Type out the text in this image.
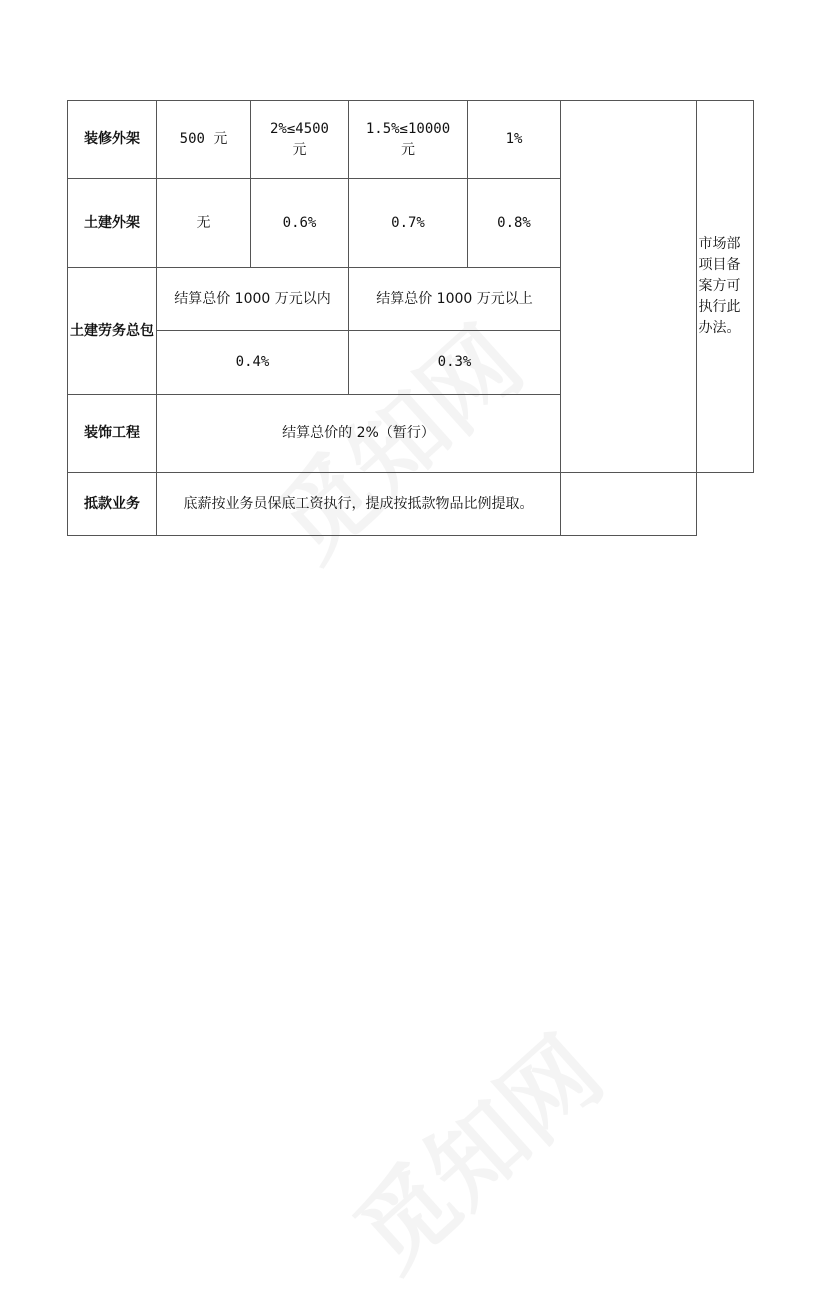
装修外架	500 元	2%≤4500 元	1.5%≤10000 元	1%		市场部项目备案方可执行此办法。

土建外架	无	0.6%	0.7%	0.8%		
土建劳务总包	结算总价 1000 万元以内		结算总价 1000 万元以上			
	0.4%		0.3%			
装饰工程	结算总价的 2%（暂行）					
抵款业务	底薪按业务员保底工资执行，提成按抵款物品比例提取。					
